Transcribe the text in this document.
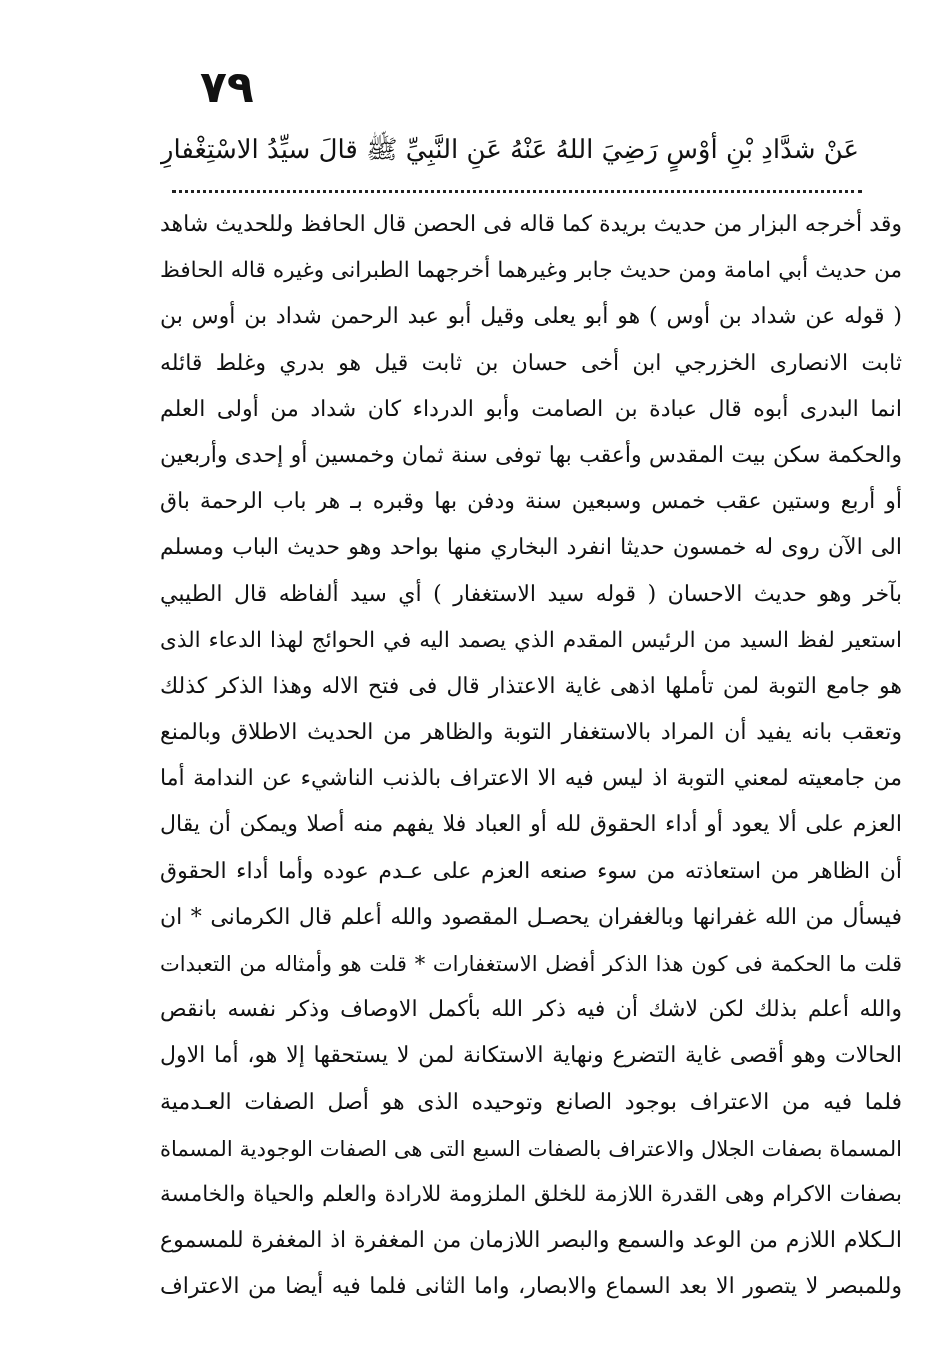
٧٩
عَنْ شدَّادِ بْنِ أوْسٍ رَضِيَ اللهُ عَنْهُ عَنِ النَّبِيِّ ﷺ قالَ سيِّدُ الاسْتِغْفارِ
وقد أخرجه البزار من حديث بريدة كما قاله فى الحصن قال الحافظ وللحديث شاهد
من حديث أبي امامة ومن حديث جابر وغيرهما أخرجهما الطبرانى وغيره قاله الحافظ
( قوله عن شداد بن أوس ) هو أبو يعلى وقيل أبو عبد الرحمن شداد بن أوس بن
ثابت الانصارى الخزرجي ابن أخى حسان بن ثابت قيل هو بدري وغلط قائله
انما البدرى أبوه قال عبادة بن الصامت وأبو الدرداء كان شداد من أولى العلم
والحكمة سكن بيت المقدس وأعقب بها توفى سنة ثمان وخمسين أو إحدى وأربعين
أو أربع وستين عقب خمس وسبعين سنة ودفن بها وقبره بـ هر باب الرحمة باق
الى الآن روى له خمسون حديثا انفرد البخاري منها بواحد وهو حديث الباب ومسلم
بآخر وهو حديث الاحسان ( قوله سيد الاستغفار ) أي سيد ألفاظه قال الطيبي
استعير لفظ السيد من الرئيس المقدم الذي يصمد اليه في الحوائج لهذا الدعاء الذى
هو جامع التوبة لمن تأملها اذهى غاية الاعتذار قال فى فتح الاله وهذا الذكر كذلك
وتعقب بانه يفيد أن المراد بالاستغفار التوبة والظاهر من الحديث الاطلاق وبالمنع
من جامعيته لمعني التوبة اذ ليس فيه الا الاعتراف بالذنب الناشيء عن الندامة أما
العزم على ألا يعود أو أداء الحقوق لله أو العباد فلا يفهم منه أصلا ويمكن أن يقال
أن الظاهر من استعاذته من سوء صنعه العزم على عـدم عوده وأما أداء الحقوق
فيسأل من الله غفرانها وبالغفران يحصـل المقصود والله أعلم قال الكرمانى * ان
قلت ما الحكمة فى كون هذا الذكر أفضل الاستغفارات * قلت هو وأمثاله من التعبدات
والله أعلم بذلك لكن لاشك أن فيه ذكر الله بأكمل الاوصاف وذكر نفسه بانقص
الحالات وهو أقصى غاية التضرع ونهاية الاستكانة لمن لا يستحقها إلا هو، أما الاول
فلما فيه من الاعتراف بوجود الصانع وتوحيده الذى هو أصل الصفات العـدمية
المسماة بصفات الجلال والاعتراف بالصفات السبع التى هى الصفات الوجودية المسماة
بصفات الاكرام وهى القدرة اللازمة للخلق الملزومة للارادة والعلم والحياة والخامسة
الـكلام اللازم من الوعد والسمع والبصر اللازمان من المغفرة اذ المغفرة للمسموع
وللمبصر لا يتصور الا بعد السماع والابصار، واما الثانى فلما فيه أيضا من الاعتراف
